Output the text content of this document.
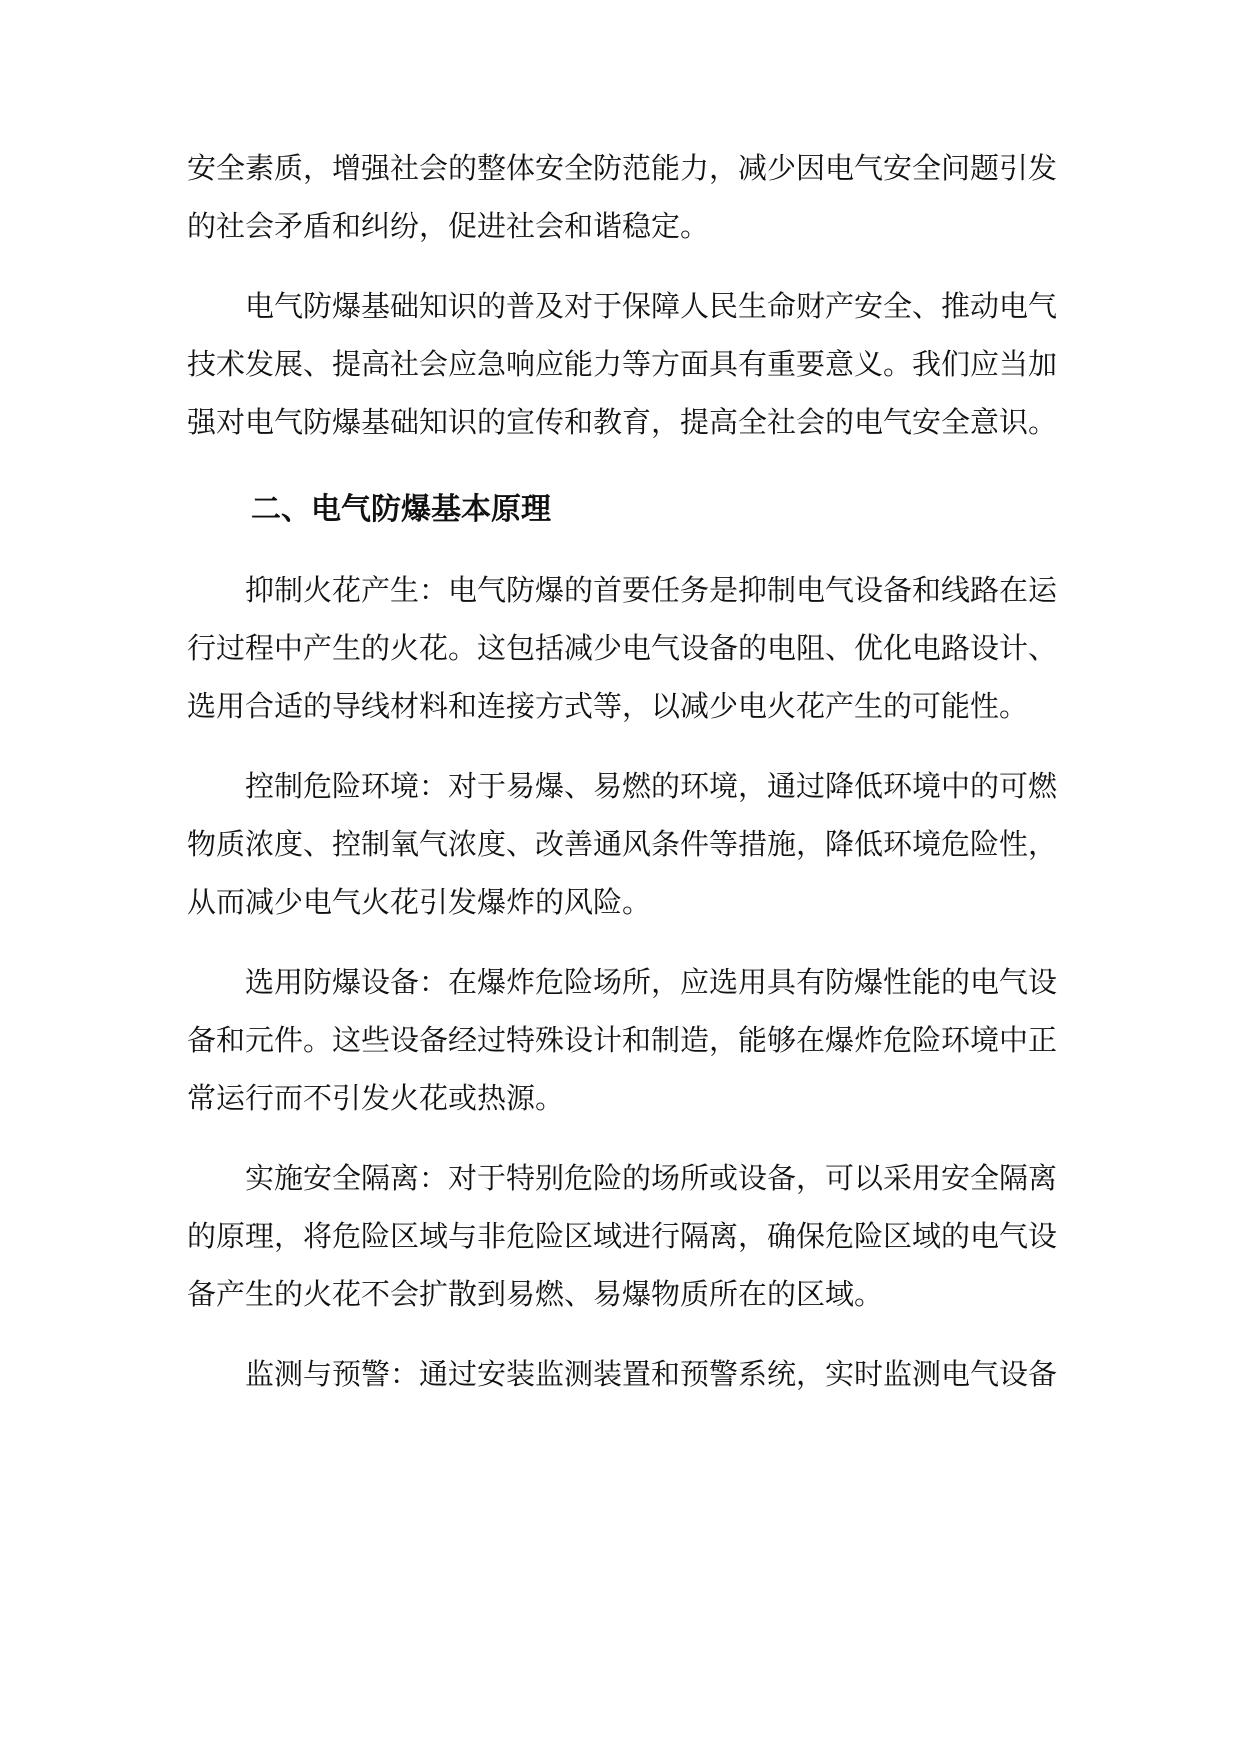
安全素质，增强社会的整体安全防范能力，减少因电气安全问题引发的社会矛盾和纠纷，促进社会和谐稳定。

电气防爆基础知识的普及对于保障人民生命财产安全、推动电气技术发展、提高社会应急响应能力等方面具有重要意义。我们应当加强对电气防爆基础知识的宣传和教育，提高全社会的电气安全意识。

二、电气防爆基本原理

抑制火花产生：电气防爆的首要任务是抑制电气设备和线路在运行过程中产生的火花。这包括减少电气设备的电阻、优化电路设计、选用合适的导线材料和连接方式等，以减少电火花产生的可能性。

控制危险环境：对于易爆、易燃的环境，通过降低环境中的可燃物质浓度、控制氧气浓度、改善通风条件等措施，降低环境危险性，从而减少电气火花引发爆炸的风险。

选用防爆设备：在爆炸危险场所，应选用具有防爆性能的电气设备和元件。这些设备经过特殊设计和制造，能够在爆炸危险环境中正常运行而不引发火花或热源。

实施安全隔离：对于特别危险的场所或设备，可以采用安全隔离的原理，将危险区域与非危险区域进行隔离，确保危险区域的电气设备产生的火花不会扩散到易燃、易爆物质所在的区域。

监测与预警：通过安装监测装置和预警系统，实时监测电气设备
